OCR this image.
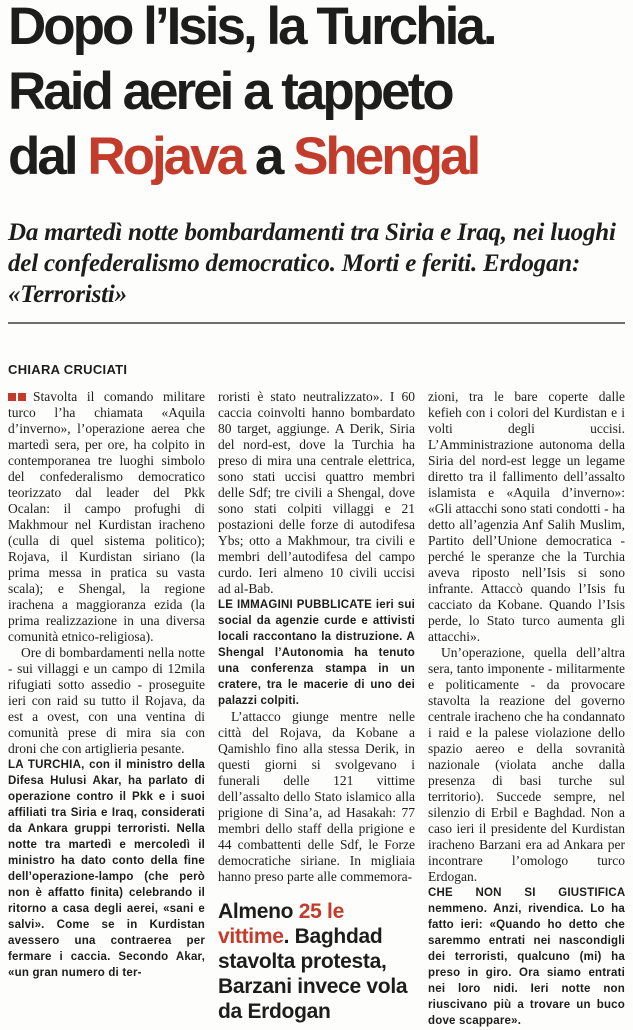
Dopo l’Isis, la Turchia.
Raid aerei a tappeto
dal Rojava a Shengal

Da martedì notte bombardamenti tra Siria e Iraq, nei luoghi del confederalismo democratico. Morti e feriti. Erdogan: «Terroristi»

CHIARA CRUCIATI

Stavolta il comando militare turco l’ha chiamata «Aquila d’inverno», l’operazione aerea che martedì sera, per ore, ha colpito in contemporanea tre luoghi simbolo del confederalismo democratico teorizzato dal leader del Pkk Ocalan: il campo profughi di Makhmour nel Kurdistan iracheno (culla di quel sistema politico); Rojava, il Kurdistan siriano (la prima messa in pratica su vasta scala); e Shengal, la regione irachena a maggioranza ezida (la prima realizzazione in una diversa comunità etnico-religiosa).

Ore di bombardamenti nella notte - sui villaggi e un campo di 12mila rifugiati sotto assedio - proseguite ieri con raid su tutto il Rojava, da est a ovest, con una ventina di comunità prese di mira sia con droni che con artiglieria pesante.

LA TURCHIA, con il ministro della Difesa Hulusi Akar, ha parlato di operazione contro il Pkk e i suoi affiliati tra Siria e Iraq, considerati da Ankara gruppi terroristi. Nella notte tra martedì e mercoledì il ministro ha dato conto della fine dell’operazione-lampo (che però non è affatto finita) celebrando il ritorno a casa degli aerei, «sani e salvi». Come se in Kurdistan avessero una contraerea per fermare i caccia. Secondo Akar, «un gran numero di ter-

roristi è stato neutralizzato». I 60 caccia coinvolti hanno bombardato 80 target, aggiunge. A Derik, Siria del nord-est, dove la Turchia ha preso di mira una centrale elettrica, sono stati uccisi quattro membri delle Sdf; tre civili a Shengal, dove sono stati colpiti villaggi e 21 postazioni delle forze di autodifesa Ybs; otto a Makhmour, tra civili e membri dell’autodifesa del campo curdo. Ieri almeno 10 civili uccisi ad al-Bab.

LE IMMAGINI PUBBLICATE ieri sui social da agenzie curde e attivisti locali raccontano la distruzione. A Shengal l’Autonomia ha tenuto una conferenza stampa in un cratere, tra le macerie di uno dei palazzi colpiti.

L’attacco giunge mentre nelle città del Rojava, da Kobane a Qamishlo fino alla stessa Derik, in questi giorni si svolgevano i funerali delle 121 vittime dell’assalto dello Stato islamico alla prigione di Sina’a, ad Hasakah: 77 membri dello staff della prigione e 44 combattenti delle Sdf, le Forze democratiche siriane. In migliaia hanno preso parte alle commemora-

Almeno 25 le vittime. Baghdad stavolta protesta, Barzani invece vola da Erdogan

zioni, tra le bare coperte dalle kefieh con i colori del Kurdistan e i volti degli uccisi. L’Amministrazione autonoma della Siria del nord-est legge un legame diretto tra il fallimento dell’assalto islamista e «Aquila d’inverno»: «Gli attacchi sono stati condotti - ha detto all’agenzia Anf Salih Muslim, Partito dell’Unione democratica - perché le speranze che la Turchia aveva riposto nell’Isis si sono infrante. Attaccò quando l’Isis fu cacciato da Kobane. Quando l’Isis perde, lo Stato turco aumenta gli attacchi».

Un’operazione, quella dell’altra sera, tanto imponente - militarmente e politicamente - da provocare stavolta la reazione del governo centrale iracheno che ha condannato i raid e la palese violazione dello spazio aereo e della sovranità nazionale (violata anche dalla presenza di basi turche sul territorio). Succede sempre, nel silenzio di Erbil e Baghdad. Non a caso ieri il presidente del Kurdistan iracheno Barzani era ad Ankara per incontrare l’omologo turco Erdogan.

CHE NON SI GIUSTIFICA nemmeno. Anzi, rivendica. Lo ha fatto ieri: «Quando ho detto che saremmo entrati nei nascondigli dei terroristi, qualcuno (mi) ha preso in giro. Ora siamo entrati nei loro nidi. Ieri notte non riuscivano più a trovare un buco dove scappare».
